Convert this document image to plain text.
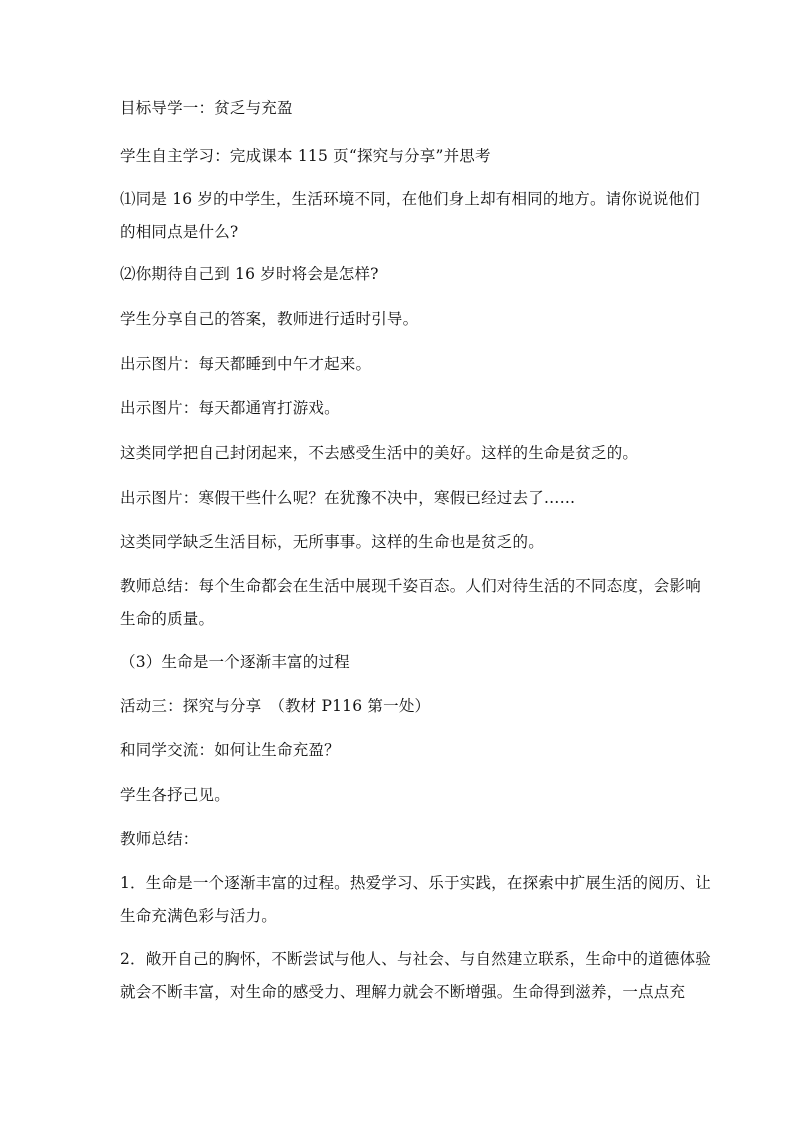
目标导学一：贫乏与充盈

学生自主学习：完成课本 115 页“探究与分享”并思考

⑴同是 16 岁的中学生，生活环境不同，在他们身上却有相同的地方。请你说说他们的相同点是什么?

⑵你期待自己到 16 岁时将会是怎样?

学生分享自己的答案，教师进行适时引导。

出示图片：每天都睡到中午才起来。

出示图片：每天都通宵打游戏。

这类同学把自己封闭起来，不去感受生活中的美好。这样的生命是贫乏的。

出示图片：寒假干些什么呢？在犹豫不决中，寒假已经过去了……

这类同学缺乏生活目标，无所事事。这样的生命也是贫乏的。

教师总结：每个生命都会在生活中展现千姿百态。人们对待生活的不同态度，会影响生命的质量。

（3）生命是一个逐渐丰富的过程

活动三：探究与分享　（教材 P116 第一处）

和同学交流：如何让生命充盈？

学生各抒己见。

教师总结：

1．生命是一个逐渐丰富的过程。热爱学习、乐于实践，在探索中扩展生活的阅历、让生命充满色彩与活力。

2．敞开自己的胸怀，不断尝试与他人、与社会、与自然建立联系，生命中的道德体验就会不断丰富，对生命的感受力、理解力就会不断增强。生命得到滋养，一点点充
